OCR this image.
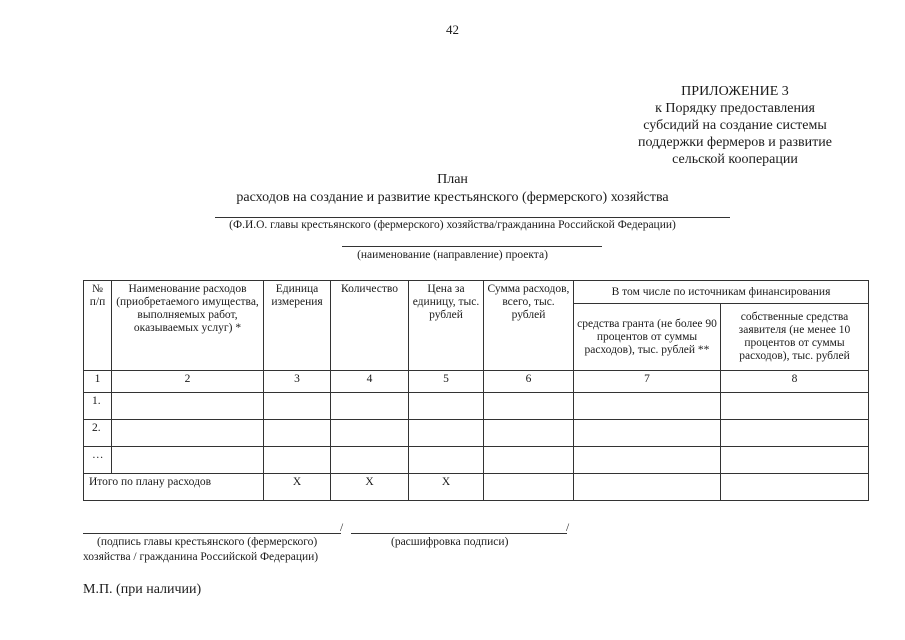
42
ПРИЛОЖЕНИЕ 3
к Порядку предоставления
субсидий на создание системы
поддержки фермеров и развитие
сельской кооперации
План
расходов на создание и развитие крестьянского (фермерского) хозяйства
(Ф.И.О. главы крестьянского (фермерского) хозяйства/гражданина Российской Федерации)
(наименование (направление) проекта)
№ п/п	Наименование расходов (приобретаемого имущества, выполняемых работ, оказываемых услуг) *	Единица измерения	Количество	Цена за единицу, тыс. рублей	Сумма расходов, всего, тыс. рублей	В том числе по источникам финансирования	
						средства гранта (не более 90 процентов от суммы расходов), тыс. рублей **	собственные средства заявителя (не менее 10 процентов от суммы расходов), тыс. рублей
1	2	3	4	5	6	7	8
1.							
2.							
…							
Итого по плану расходов		Х	Х	Х			
/	/
(подпись главы крестьянского (фермерского)
хозяйства / гражданина Российской Федерации)
(расшифровка подписи)
М.П. (при наличии)
